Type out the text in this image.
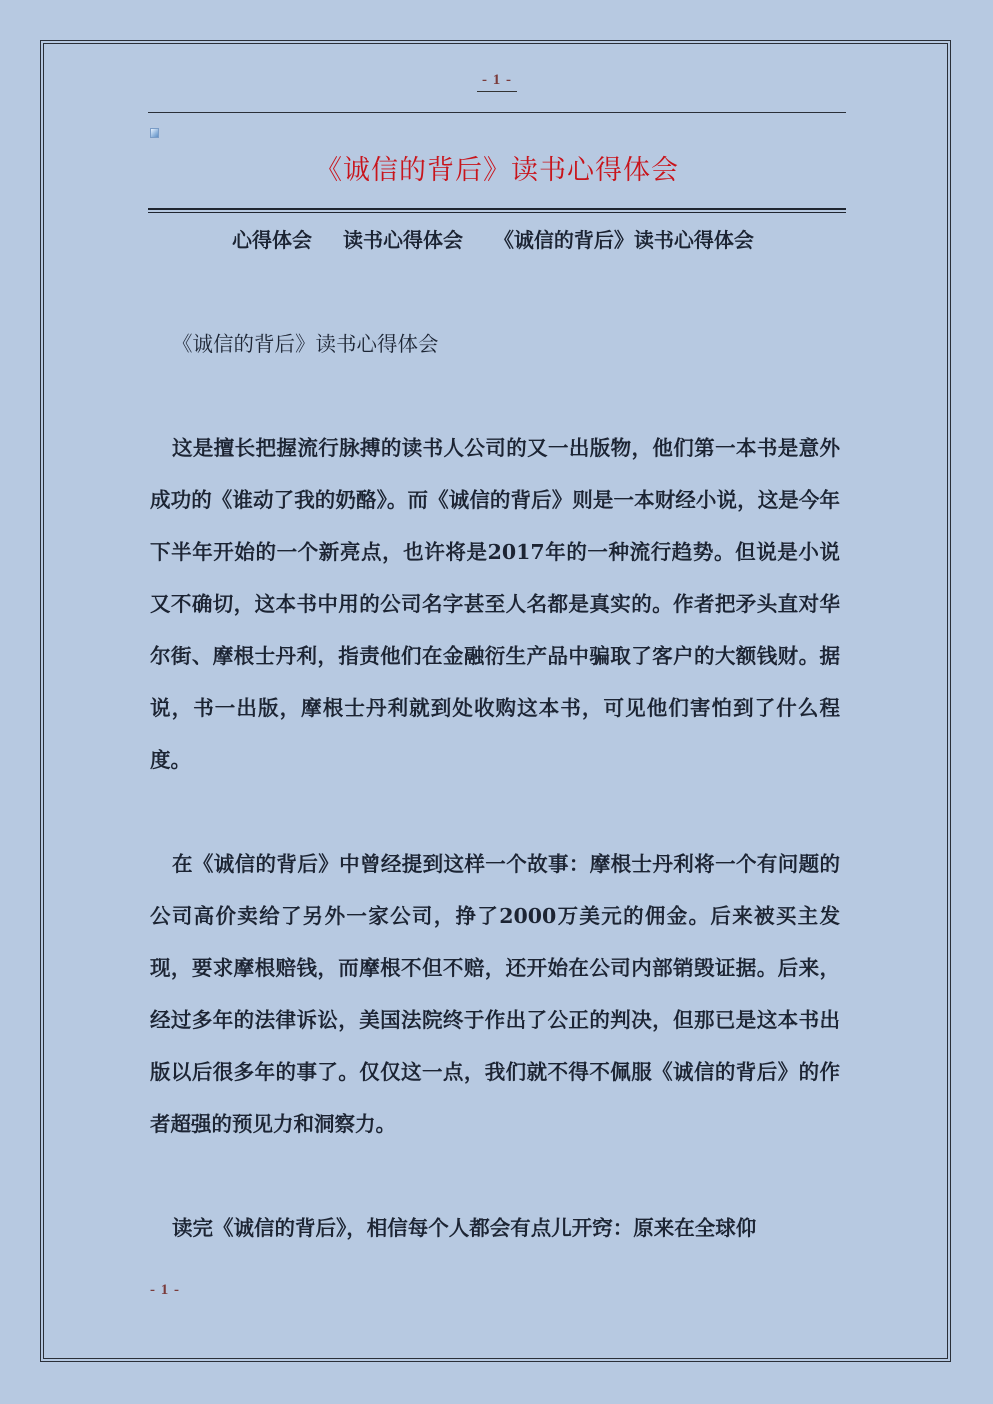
- 1 -
《诚信的背后》读书心得体会
心得体会 读书心得体会 《诚信的背后》读书心得体会

《诚信的背后》读书心得体会

这是擅长把握流行脉搏的读书人公司的又一出版物，他们第一本书是意外成功的《谁动了我的奶酪》。而《诚信的背后》则是一本财经小说，这是今年下半年开始的一个新亮点，也许将是2017年的一种流行趋势。但说是小说又不确切，这本书中用的公司名字甚至人名都是真实的。作者把矛头直对华尔街、摩根士丹利，指责他们在金融衍生产品中骗取了客户的大额钱财。据说，书一出版，摩根士丹利就到处收购这本书，可见他们害怕到了什么程度。

在《诚信的背后》中曾经提到这样一个故事：摩根士丹利将一个有问题的公司高价卖给了另外一家公司，挣了2000万美元的佣金。后来被买主发现，要求摩根赔钱，而摩根不但不赔，还开始在公司内部销毁证据。后来，经过多年的法律诉讼，美国法院终于作出了公正的判决，但那已是这本书出版以后很多年的事了。仅仅这一点，我们就不得不佩服《诚信的背后》的作者超强的预见力和洞察力。

读完《诚信的背后》，相信每个人都会有点儿开窍：原来在全球仰

- 1 -
